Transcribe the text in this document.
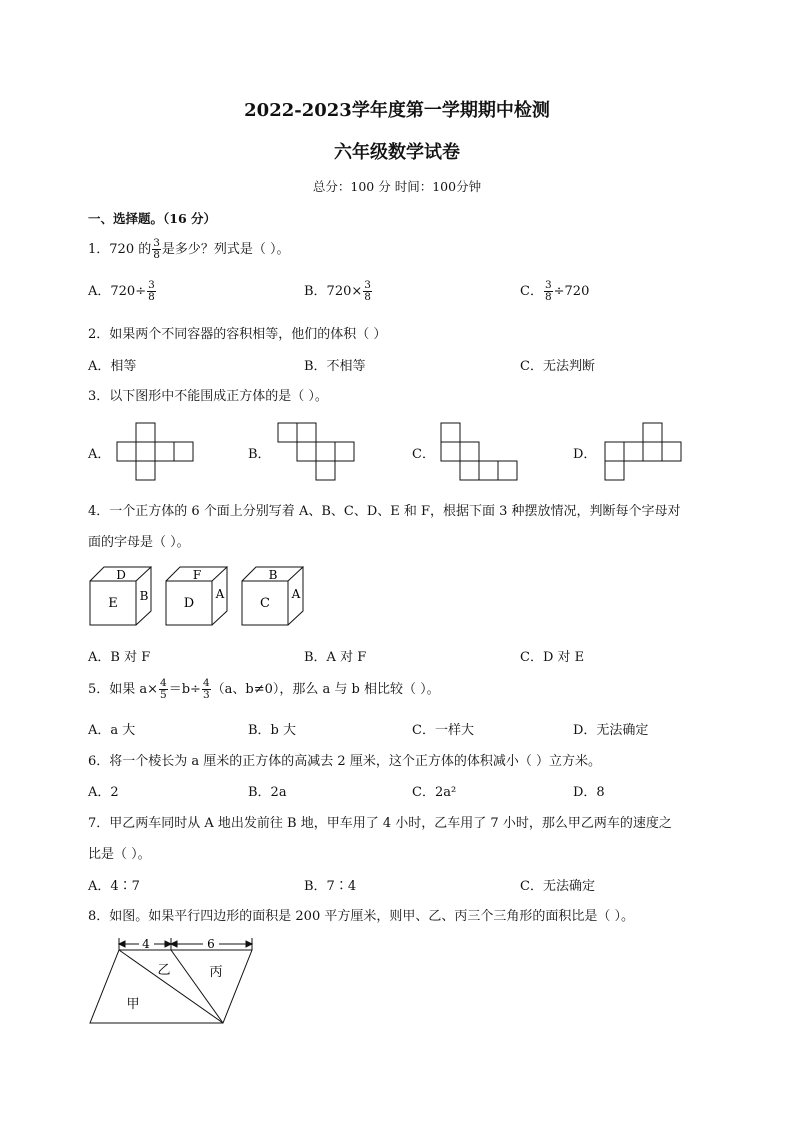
2022-2023学年度第一学期期中检测
六年级数学试卷
总分：100 分 时间：100分钟
一、选择题。（16 分）
1．720 的 $\frac{3}{8}$ 是多少？列式是（ ）。
A．$720\div \frac{3}{8}$	B．$720\times \frac{3}{8}$	C． $\frac{3}{8} \div 720$
2．如果两个不同容器的容积相等，他们的体积（ ）
A．相等	B．不相等	C．无法判断
3．以下图形中不能围成正方体的是（ ）。
A．	B．	C．	D．
4．一个正方体的 6 个面上分别写着 A、B、C、D、E 和 F，根据下面 3 种摆放情况，判断每个字母对
面的字母是（ ）。
D
E B
F
D
A
B
C
A
A．B 对 F	B．A 对 F	C．D 对 E
5．如果 $a\times \frac{4}{5} =b\div \frac{4}{3} (a$、b≠0），那么 a 与 b 相比较（ ）。
A．a 大	B．b 大	C．一样大	D．无法确定
6．将一个棱长为 a 厘米的正方体的高减去 2 厘米，这个正方体的体积减小（ ）立方米。
A．2	B．2a	C．2a²	D．8
7．甲乙两车同时从 A 地出发前往 B 地，甲车用了 4 小时，乙车用了 7 小时，那么甲乙两车的速度之
比是（ ）。
A．4∶7	B．7∶4	C．无法确定
8．如图。如果平行四边形的面积是 200 平方厘米，则甲、乙、丙三个三角形的面积比是（ ）。
4	6
甲
乙	丙
